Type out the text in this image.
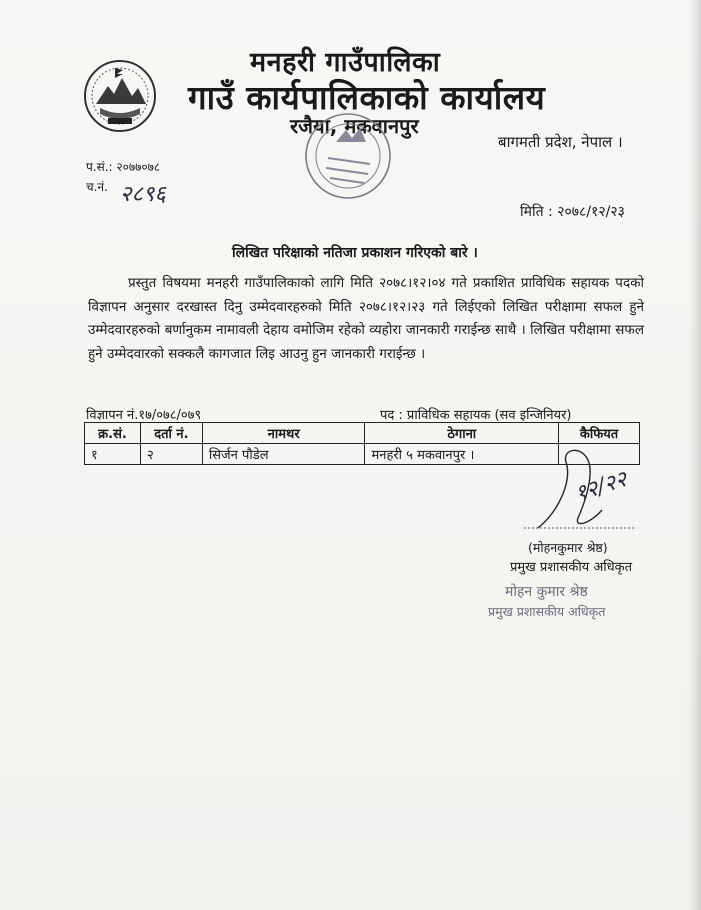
मनहरी गाउँपालिका
गाउँ कार्यपालिकाको कार्यालय
रजैया, मकवानपुर
बागमती प्रदेश, नेपाल ।
प.सं.: २०७७०७८
च.नं. २८९६
मिति : २०७८/१२/२३
लिखित परिक्षाको नतिजा प्रकाशन गरिएको बारे ।
प्रस्तुत विषयमा मनहरी गाउँपालिकाको लागि मिति २०७८।१२।०४ गते प्रकाशित प्राविधिक सहायक पदको विज्ञापन अनुसार दरखास्त दिनु उम्मेदवारहरुको मिति २०७८।१२।२३ गते लिईएको लिखित परीक्षामा सफल हुने उम्मेदवारहरुको बर्णानुकम नामावली देहाय वमोजिम रहेको व्यहोरा जानकारी गराईन्छ साथै । लिखित परीक्षामा सफल हुने उम्मेदवारको सक्कलै कागजात लिइ आउनु हुन जानकारी गराईन्छ ।
विज्ञापन नं.१७/०७८/०७९	पद : प्राविधिक सहायक (सव इन्जिनियर)
क्र.सं.	दर्ता नं.	नामथर	ठेगाना	कैफियत
१	२	सिर्जन पौडेल	मनहरी ५ मकवानपुर ।	
१२/२२
(मोहनकुमार श्रेष्ठ)
प्रमुख प्रशासकीय अधिकृत
मोहन कुमार श्रेष्ठ
प्रमुख प्रशासकीय अधिकृत
